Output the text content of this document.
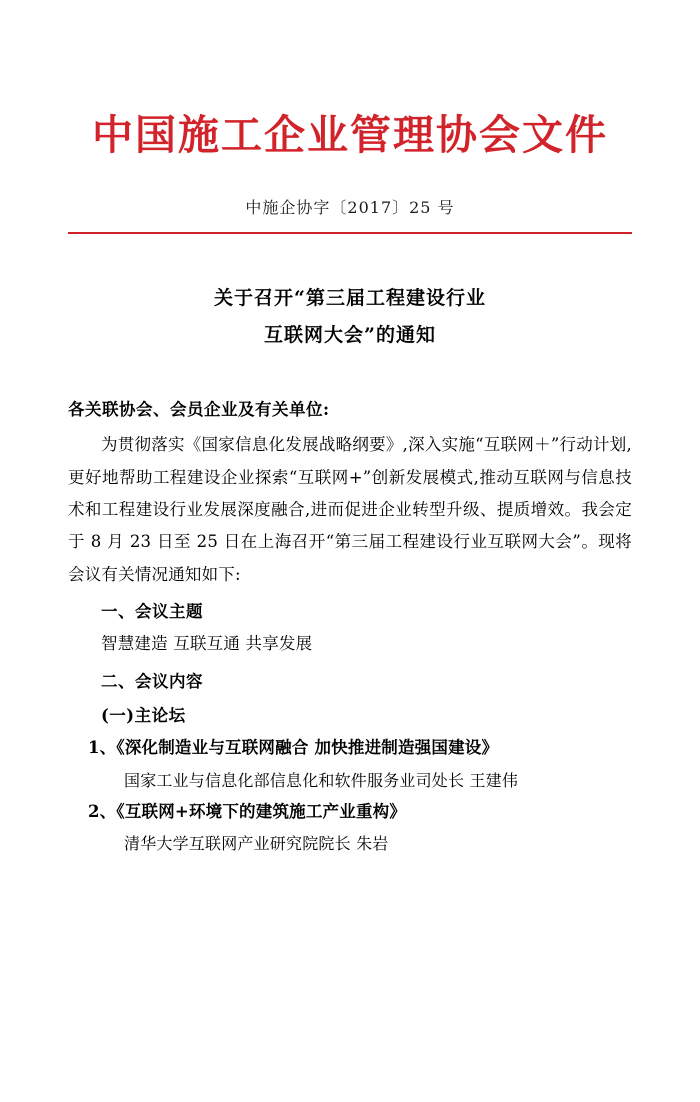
中国施工企业管理协会文件
中施企协字〔2017〕25 号
关于召开“第三届工程建设行业
互联网大会”的通知
各关联协会、会员企业及有关单位:
为贯彻落实《国家信息化发展战略纲要》,深入实施“互联网＋”行动计划,更好地帮助工程建设企业探索“互联网+”创新发展模式,推动互联网与信息技术和工程建设行业发展深度融合,进而促进企业转型升级、提质增效。我会定于 8 月 23 日至 25 日在上海召开“第三届工程建设行业互联网大会”。现将会议有关情况通知如下:
一、会议主题
智慧建造 互联互通 共享发展
二、会议内容
(一)主论坛
1、《深化制造业与互联网融合 加快推进制造强国建设》
国家工业与信息化部信息化和软件服务业司处长 王建伟
2、《互联网+环境下的建筑施工产业重构》
清华大学互联网产业研究院院长 朱岩
